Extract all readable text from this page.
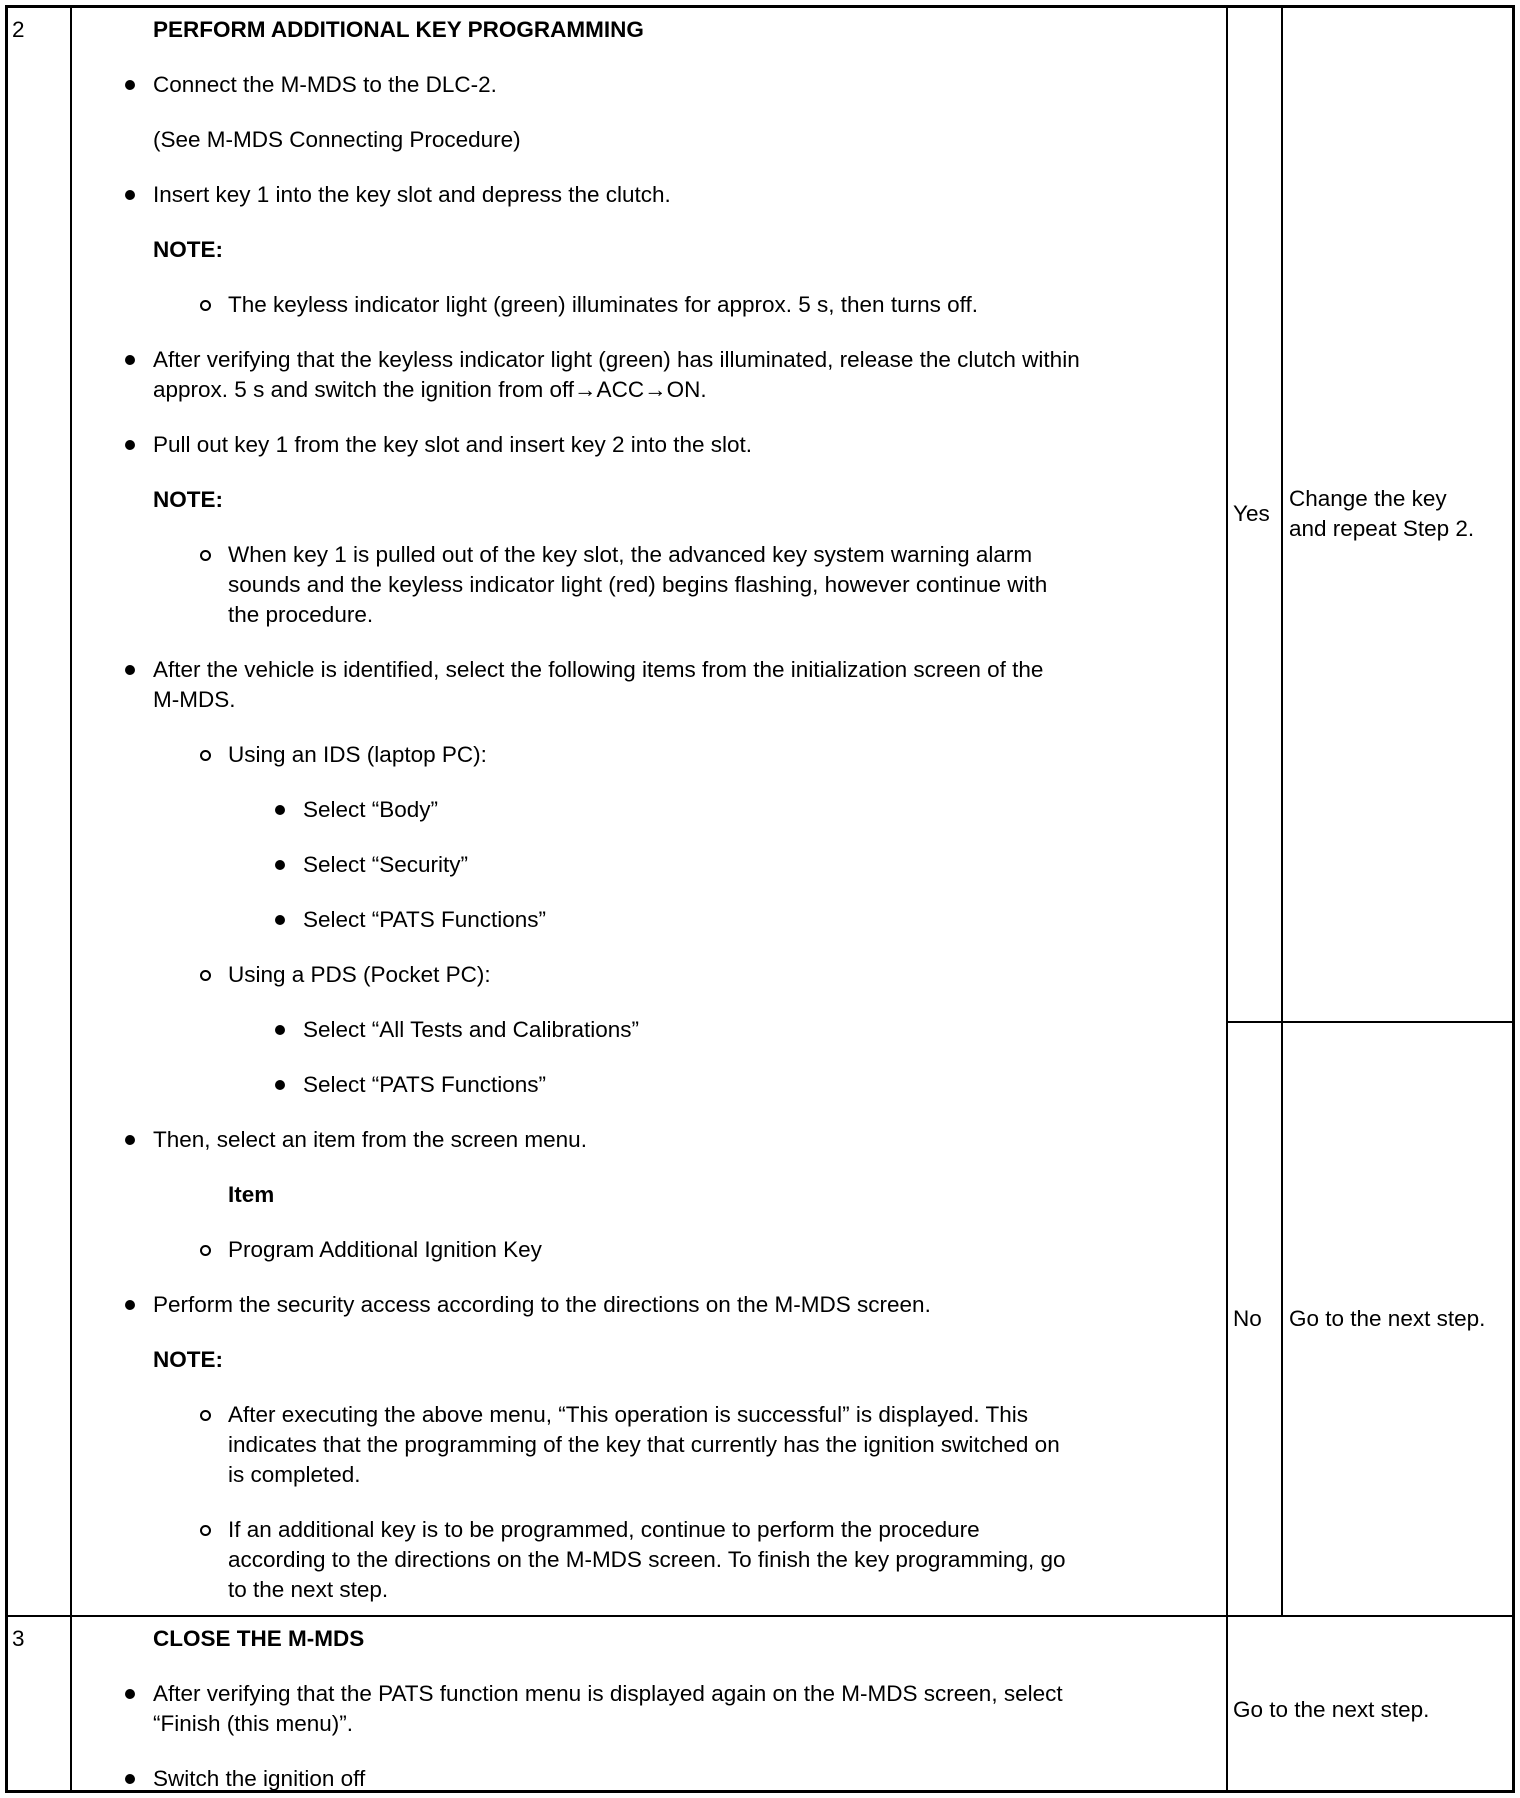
2	PERFORM ADDITIONAL KEY PROGRAMMING
Connect the M-MDS to the DLC-2.
(See M-MDS Connecting Procedure)
Insert key 1 into the key slot and depress the clutch.
NOTE:
The keyless indicator light (green) illuminates for approx. 5 s, then turns off.
After verifying that the keyless indicator light (green) has illuminated, release the clutch within
approx. 5 s and switch the ignition from off→ACC→ON.
Pull out key 1 from the key slot and insert key 2 into the slot.
NOTE:
When key 1 is pulled out of the key slot, the advanced key system warning alarm
sounds and the keyless indicator light (red) begins flashing, however continue with
the procedure.
After the vehicle is identified, select the following items from the initialization screen of the
M-MDS.
Using an IDS (laptop PC):
Select “Body”
Select “Security”
Select “PATS Functions”
Using a PDS (Pocket PC):
Select “All Tests and Calibrations”
Select “PATS Functions”
Then, select an item from the screen menu.
Item
Program Additional Ignition Key
Perform the security access according to the directions on the M-MDS screen.
NOTE:
After executing the above menu, “This operation is successful” is displayed. This
indicates that the programming of the key that currently has the ignition switched on
is completed.
If an additional key is to be programmed, continue to perform the procedure
according to the directions on the M-MDS screen. To finish the key programming, go
to the next step.
Yes
Change the key
and repeat Step 2.
No Go to the next step.
3	CLOSE THE M-MDS
After verifying that the PATS function menu is displayed again on the M-MDS screen, select
“Finish (this menu)”.
Switch the ignition off
Go to the next step.
